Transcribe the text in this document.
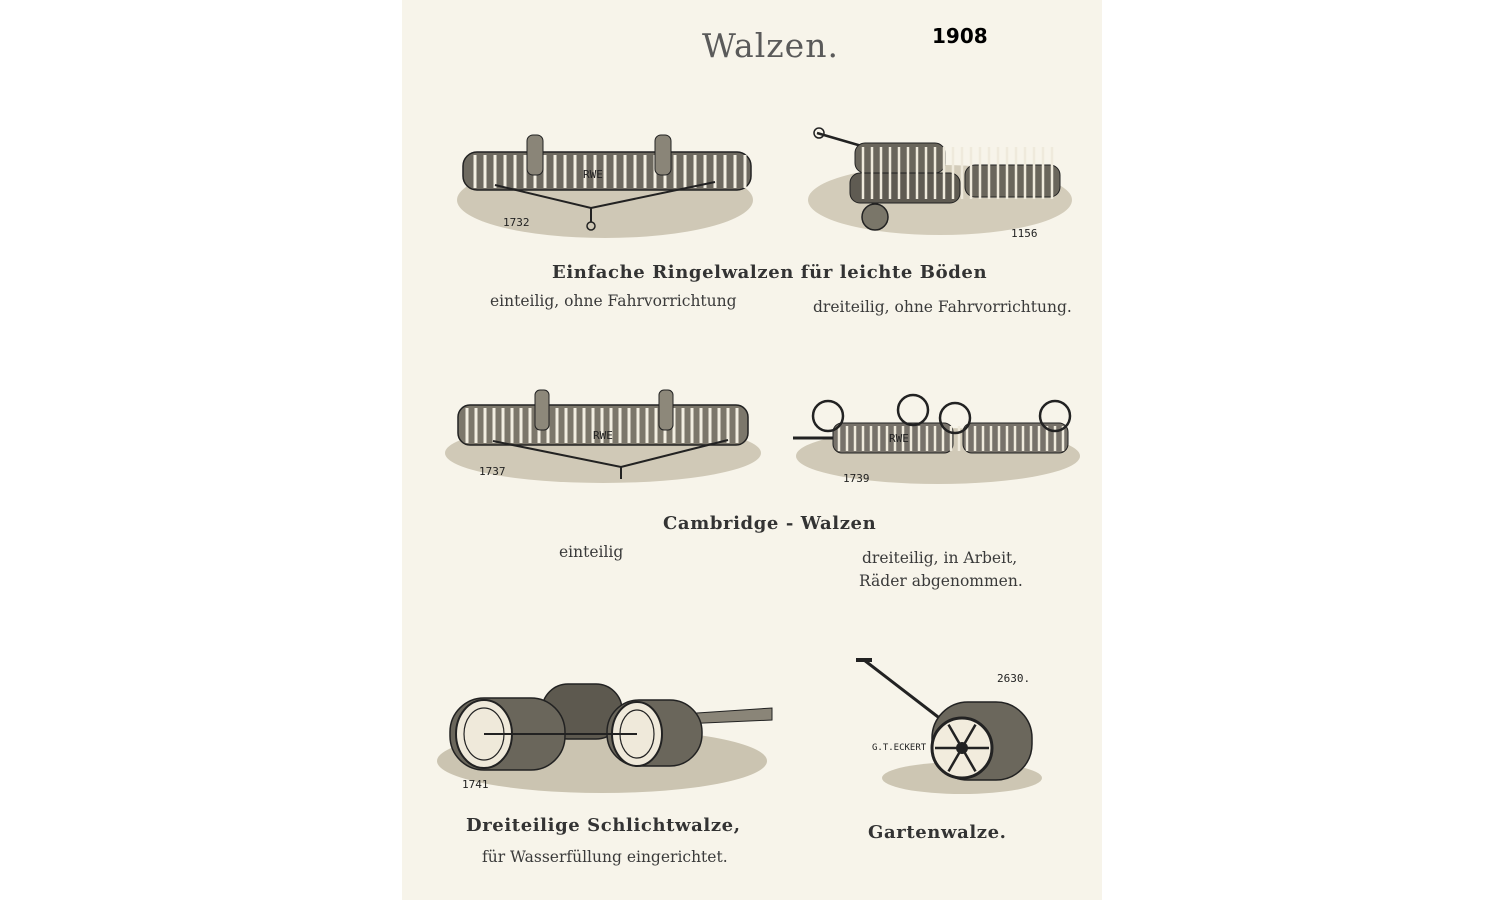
Walzen.	1908
RWE
1732
1156
Einfache Ringelwalzen für leichte Böden
einteilig, ohne Fahrvorrichtung	dreiteilig, ohne Fahrvorrichtung.
RWE
1737
RWE
1739
Cambridge - Walzen
einteilig	dreiteilig, in Arbeit,
Räder abgenommen.
1741
G.T.ECKERT
2630.
Dreiteilige Schlichtwalze,
für Wasserfüllung eingerichtet.
Gartenwalze.
